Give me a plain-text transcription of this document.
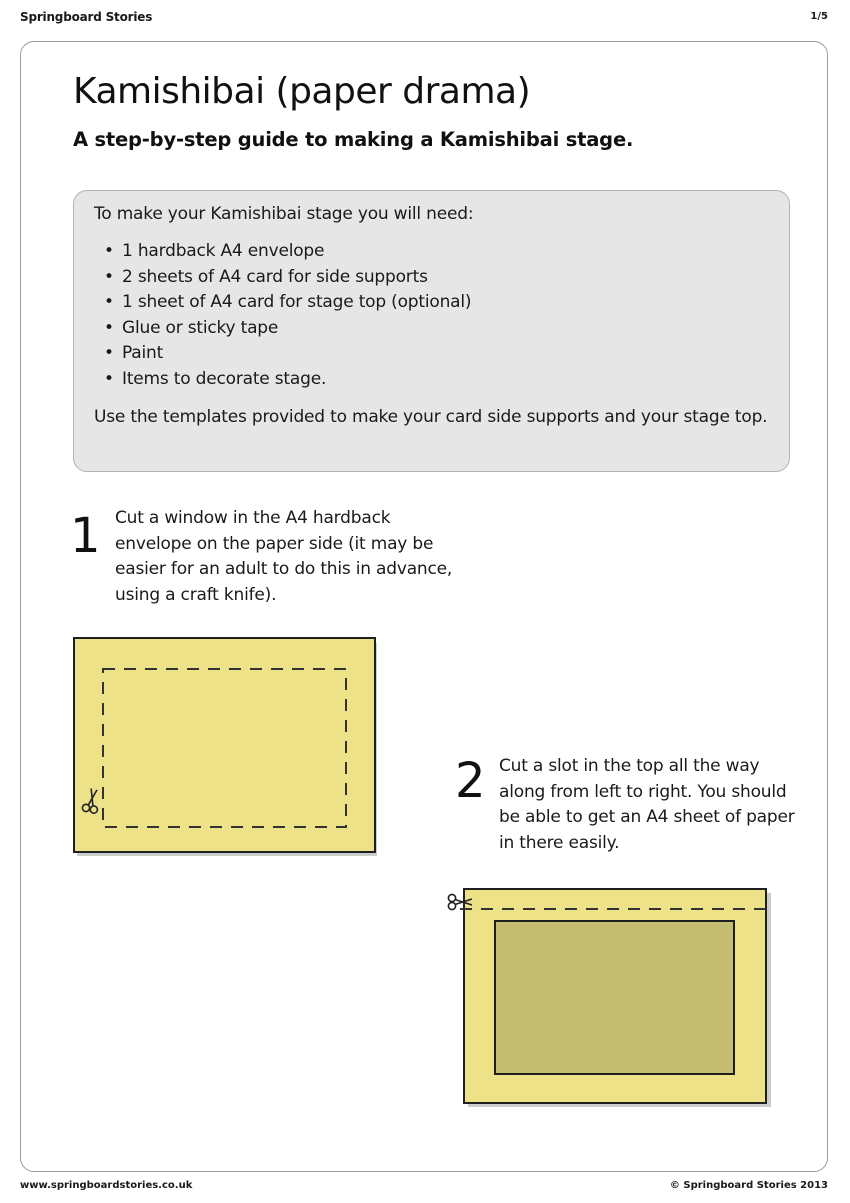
Springboard Stories	1/5
Kamishibai (paper drama)
A step-by-step guide to making a Kamishibai stage.
To make your Kamishibai stage you will need:
• 1 hardback A4 envelope
• 2 sheets of A4 card for side supports
• 1 sheet of A4 card for stage top (optional)
• Glue or sticky tape
• Paint
• Items to decorate stage.
Use the templates provided to make your card side supports and your stage top.
1 Cut a window in the A4 hardback envelope on the paper side (it may be easier for an adult to do this in advance, using a craft knife).
2 Cut a slot in the top all the way along from left to right. You should be able to get an A4 sheet of paper in there easily.
www.springboardstories.co.uk	© Springboard Stories 2013
